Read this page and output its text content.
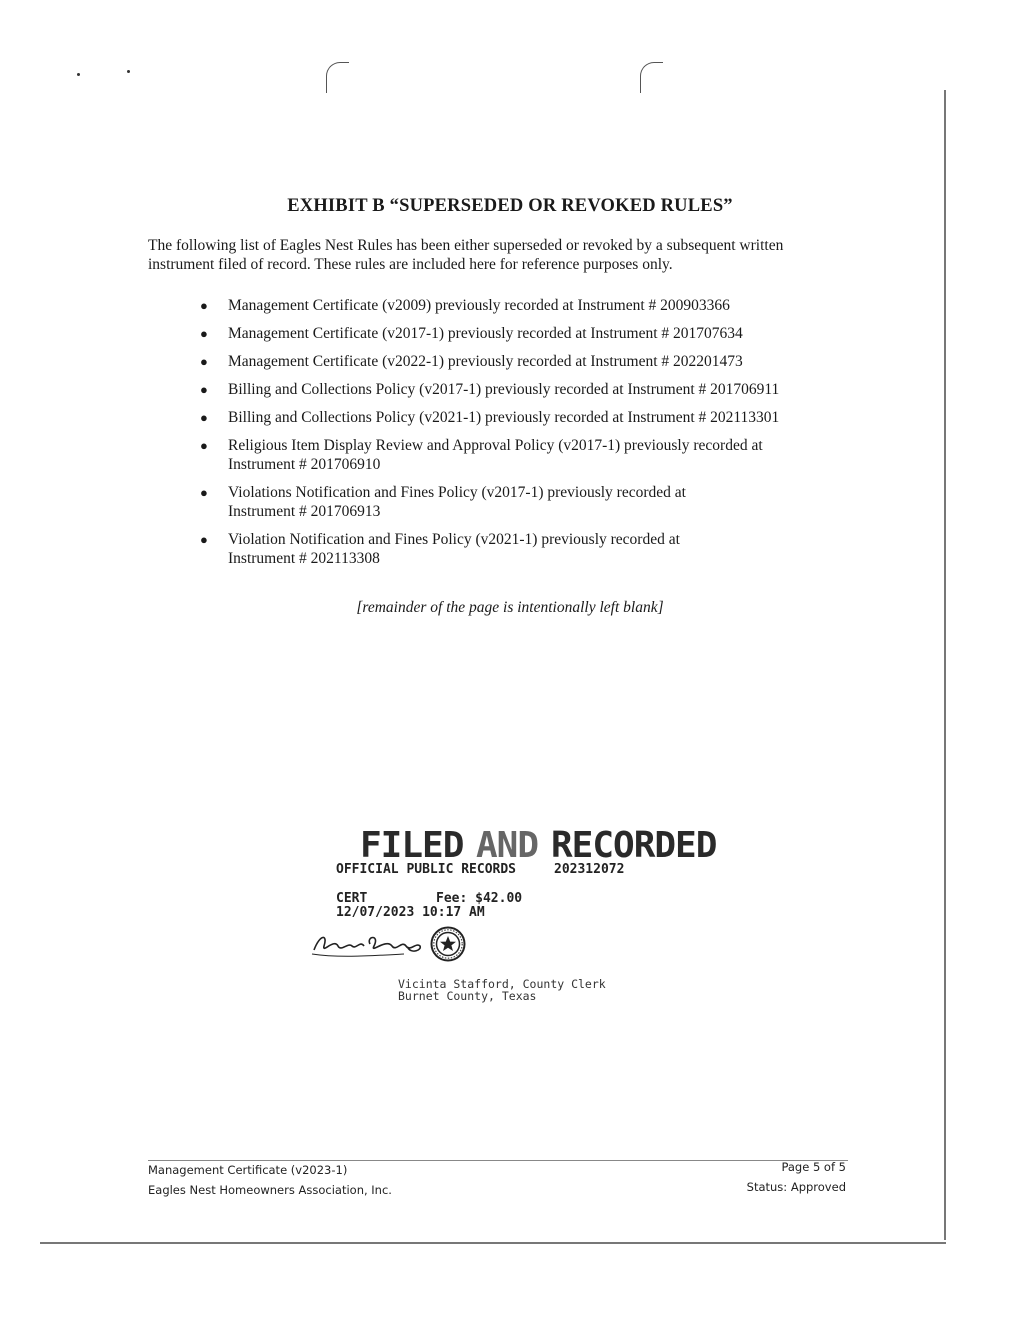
EXHIBIT B “SUPERSEDED OR REVOKED RULES”
The following list of Eagles Nest Rules has been either superseded or revoked by a subsequent written
instrument filed of record. These rules are included here for reference purposes only.
● Management Certificate (v2009) previously recorded at Instrument # 200903366
● Management Certificate (v2017-1) previously recorded at Instrument # 201707634
● Management Certificate (v2022-1) previously recorded at Instrument # 202201473
● Billing and Collections Policy (v2017-1) previously recorded at Instrument # 201706911
● Billing and Collections Policy (v2021-1) previously recorded at Instrument # 202113301
● Religious Item Display Review and Approval Policy (v2017-1) previously recorded at
Instrument # 201706910
● Violations Notification and Fines Policy (v2017-1) previously recorded at
Instrument # 201706913
● Violation Notification and Fines Policy (v2021-1) previously recorded at
Instrument # 202113308
[remainder of the page is intentionally left blank]
FILED AND RECORDED
OFFICIAL PUBLIC RECORDS	202312072
CERT	Fee: $42.00
12/07/2023 10:17 AM
Vicinta Stafford, County Clerk
Burnet County, Texas
Management Certificate (v2023-1)
Eagles Nest Homeowners Association, Inc.
Page 5 of 5
Status: Approved
